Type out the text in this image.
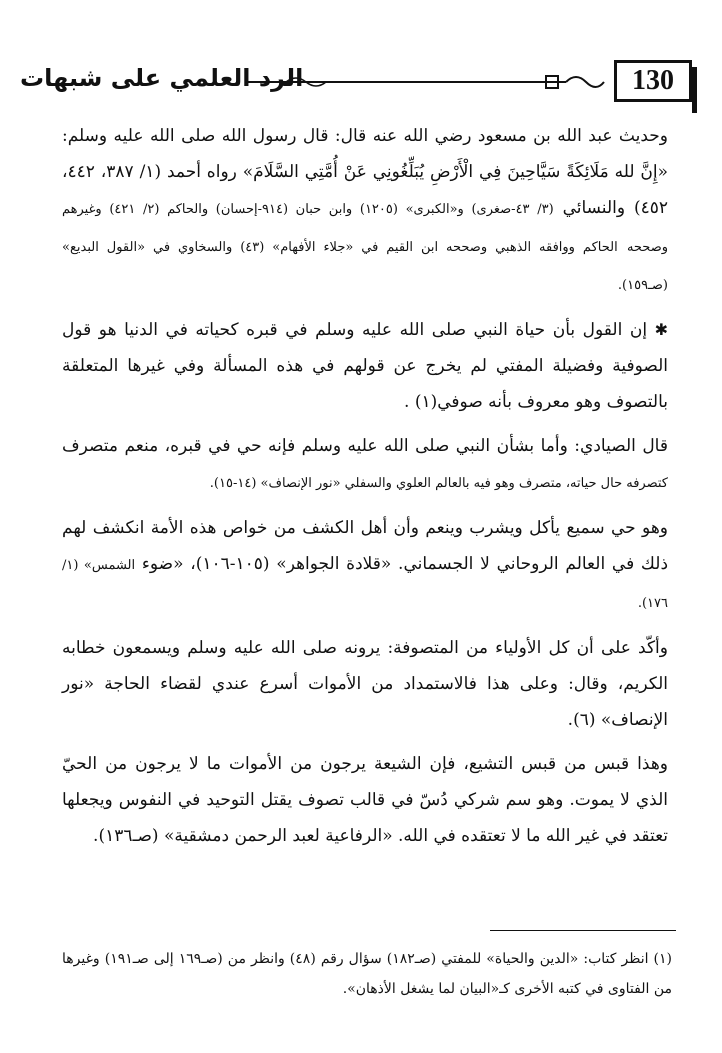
130
الرد العلمي على شبهات

وحديث عبد الله بن مسعود رضي الله عنه قال: قال رسول الله صلى الله عليه وسلم: «إِنَّ لله مَلَائِكَةً سَيَّاحِينَ فِي الْأَرْضِ يُبَلِّغُونِي عَنْ أُمَّتِي السَّلَامَ» رواه أحمد (١/ ٣٨٧، ٤٤٢، ٤٥٢) والنسائي (٣/ ٤٣-صغرى) و«الكبرى» (١٢٠٥) وابن حبان (٩١٤-إحسان) والحاكم (٢/ ٤٢١) وغيرهم وصححه الحاكم ووافقه الذهبي وصححه ابن القيم في «جلاء الأفهام» (٤٣) والسخاوي في «القول البديع» (صـ١٥٩).

✱ إن القول بأن حياة النبي صلى الله عليه وسلم في قبره كحياته في الدنيا هو قول الصوفية وفضيلة المفتي لم يخرج عن قولهم في هذه المسألة وفي غيرها المتعلقة بالتصوف وهو معروف بأنه صوفي(١) .

قال الصيادي: وأما بشأن النبي صلى الله عليه وسلم فإنه حي في قبره، منعم متصرف كتصرفه حال حياته، متصرف وهو فيه بالعالم العلوي والسفلي «نور الإنصاف» (١٤-١٥).

وهو حي سميع يأكل ويشرب وينعم وأن أهل الكشف من خواص هذه الأمة انكشف لهم ذلك في العالم الروحاني لا الجسماني. «قلادة الجواهر» (١٠٥-١٠٦)، «ضوء الشمس» (١/ ١٧٦).

وأكّد على أن كل الأولياء من المتصوفة: يرونه صلى الله عليه وسلم ويسمعون خطابه الكريم، وقال: وعلى هذا فالاستمداد من الأموات أسرع عندي لقضاء الحاجة «نور الإنصاف» (٦).

وهذا قبس من قبس التشيع، فإن الشيعة يرجون من الأموات ما لا يرجون من الحيّ الذي لا يموت. وهو سم شركي دُسّ في قالب تصوف يقتل التوحيد في النفوس ويجعلها تعتقد في غير الله ما لا تعتقده في الله. «الرفاعية لعبد الرحمن دمشقية» (صـ١٣٦).

(١) انظر كتاب: «الدين والحياة» للمفتي (صـ١٨٢) سؤال رقم (٤٨) وانظر من (صـ١٦٩ إلى صـ١٩١) وغيرها من الفتاوى في كتبه الأخرى كـ«البيان لما يشغل الأذهان».
